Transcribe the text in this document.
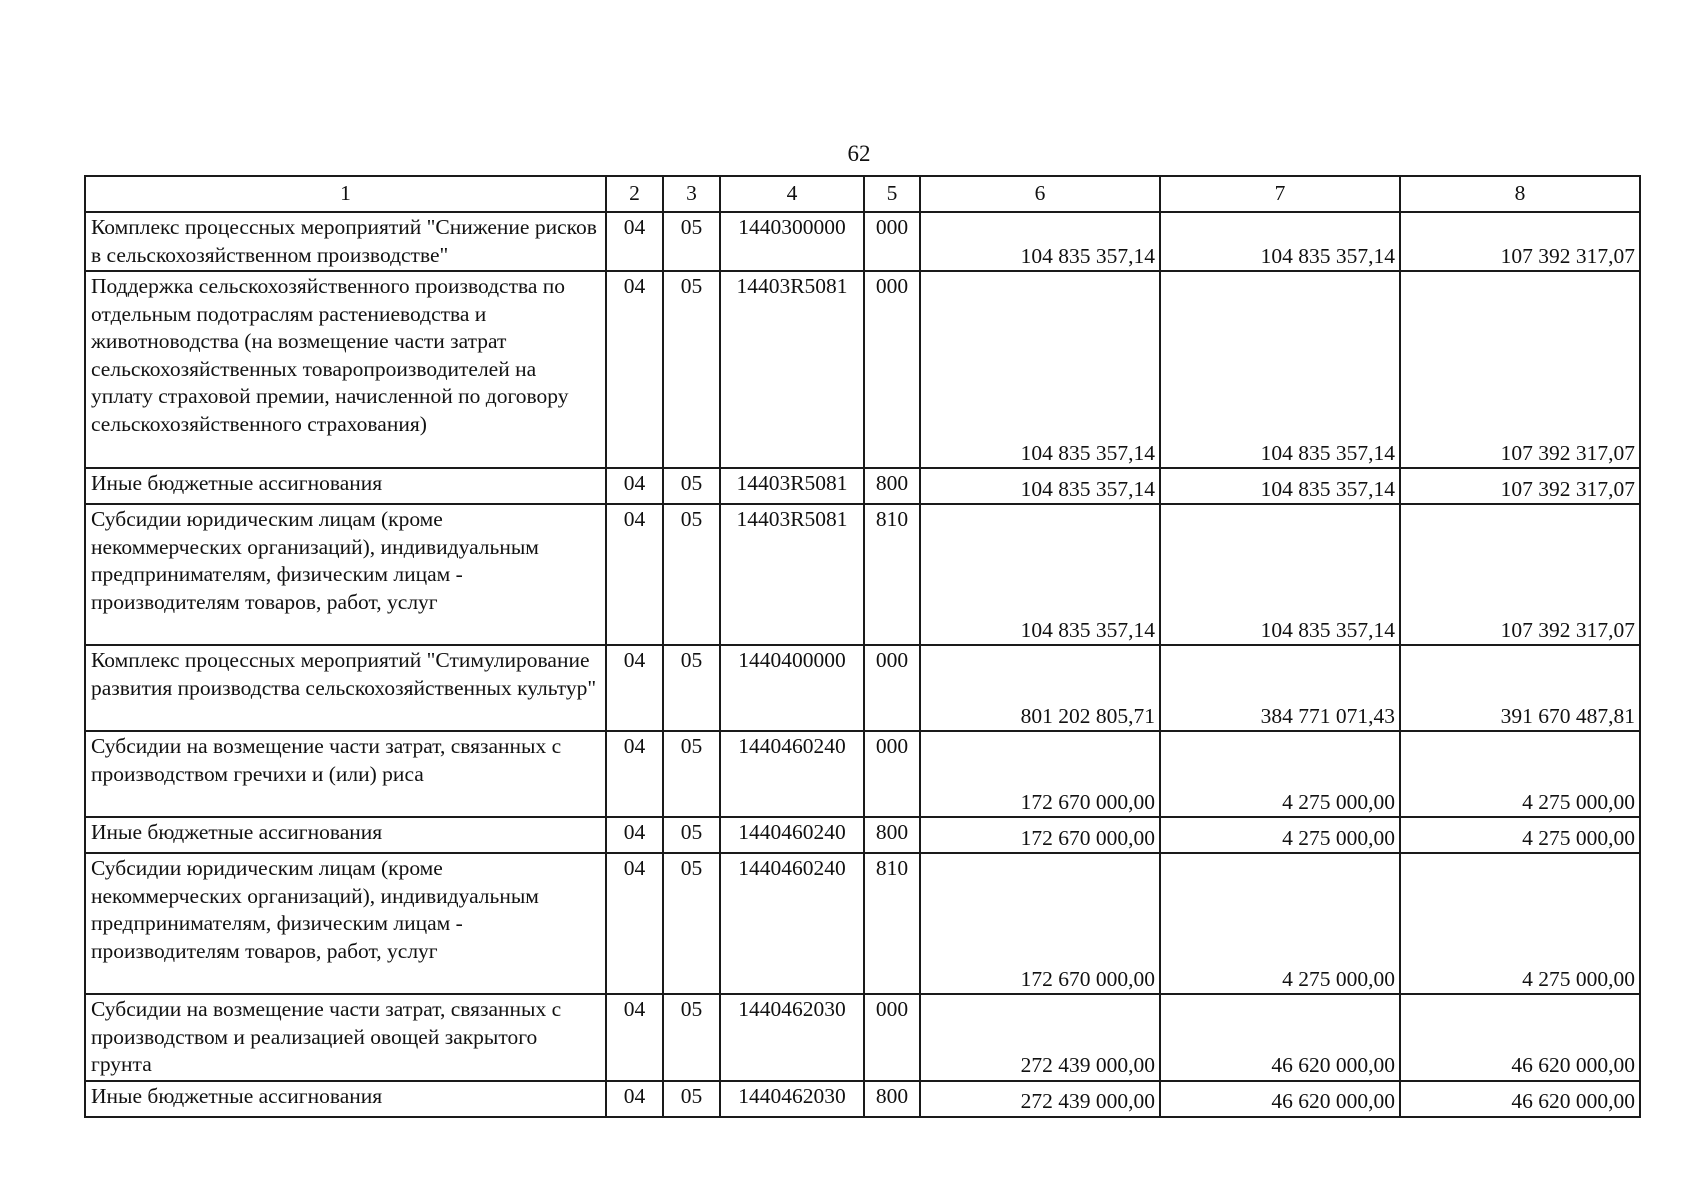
62
1	2	3	4	5	6	7	8
Комплекс процессных мероприятий "Снижение рисков в сельскохозяйственном производстве"	04	05	1440300000	000	104 835 357,14	104 835 357,14	107 392 317,07
Поддержка сельскохозяйственного производства по отдельным подотраслям растениеводства и животноводства (на возмещение части затрат сельскохозяйственных товаропроизводителей на уплату страховой премии, начисленной по договору сельскохозяйственного страхования)	04	05	14403R5081	000	104 835 357,14	104 835 357,14	107 392 317,07
Иные бюджетные ассигнования	04	05	14403R5081	800	104 835 357,14	104 835 357,14	107 392 317,07
Субсидии юридическим лицам (кроме некоммерческих организаций), индивидуальным предпринимателям, физическим лицам - производителям товаров, работ, услуг	04	05	14403R5081	810	104 835 357,14	104 835 357,14	107 392 317,07
Комплекс процессных мероприятий "Стимулирование развития производства сельскохозяйственных культур"	04	05	1440400000	000	801 202 805,71	384 771 071,43	391 670 487,81
Субсидии на возмещение части затрат, связанных с производством гречихи и (или) риса	04	05	1440460240	000	172 670 000,00	4 275 000,00	4 275 000,00
Иные бюджетные ассигнования	04	05	1440460240	800	172 670 000,00	4 275 000,00	4 275 000,00
Субсидии юридическим лицам (кроме некоммерческих организаций), индивидуальным предпринимателям, физическим лицам - производителям товаров, работ, услуг	04	05	1440460240	810	172 670 000,00	4 275 000,00	4 275 000,00
Субсидии на возмещение части затрат, связанных с производством и реализацией овощей закрытого грунта	04	05	1440462030	000	272 439 000,00	46 620 000,00	46 620 000,00
Иные бюджетные ассигнования	04	05	1440462030	800	272 439 000,00	46 620 000,00	46 620 000,00
